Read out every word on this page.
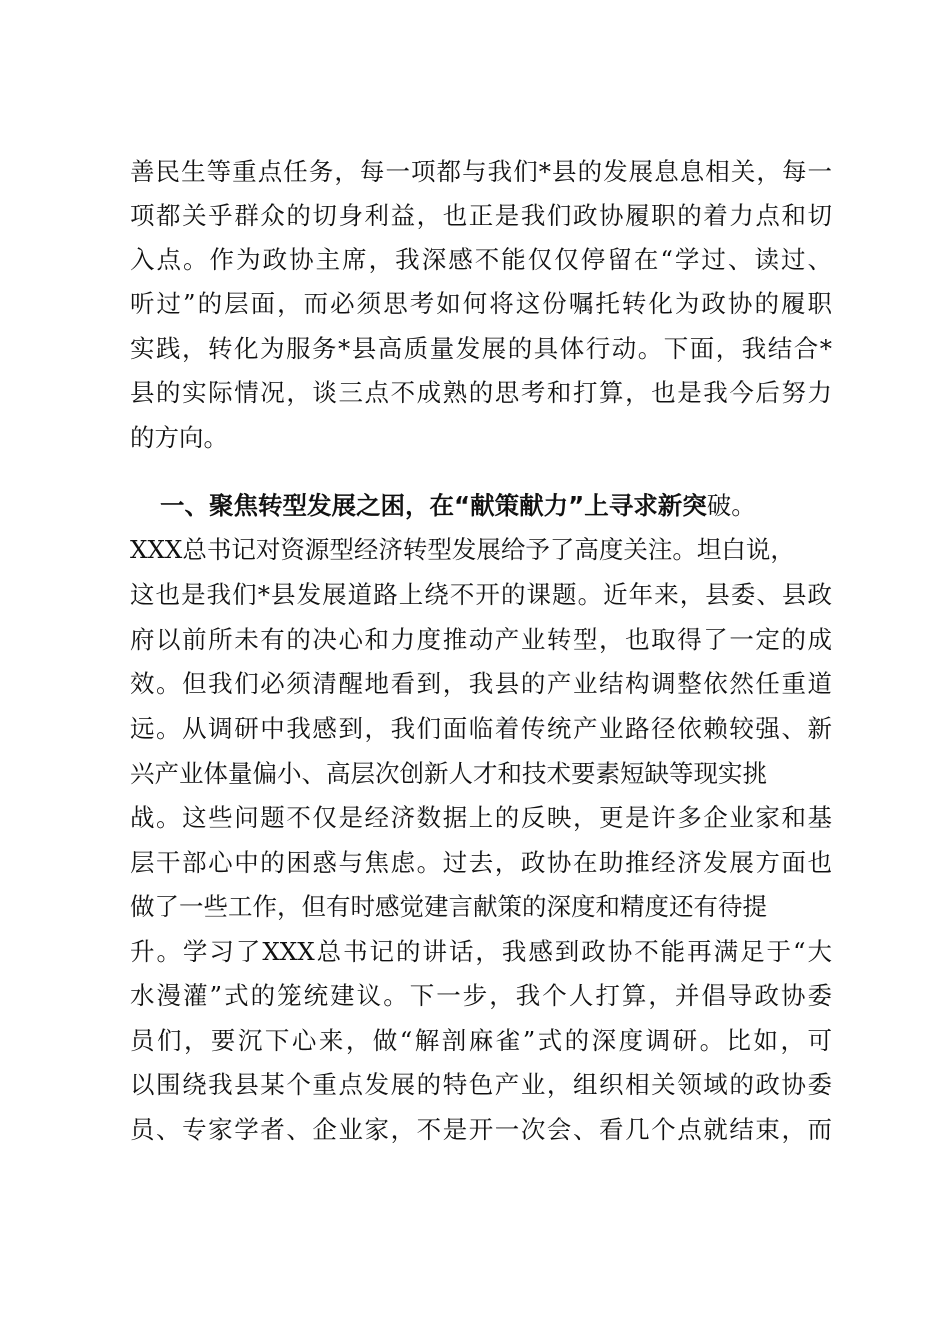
善民生等重点任务，每一项都与我们*县的发展息息相关，每一
项都关乎群众的切身利益，也正是我们政协履职的着力点和切
入点。作为政协主席，我深感不能仅仅停留在“学过、读过、
听过”的层面，而必须思考如何将这份嘱托转化为政协的履职
实践，转化为服务*县高质量发展的具体行动。下面，我结合*
县的实际情况，谈三点不成熟的思考和打算，也是我今后努力
的方向。
一、聚焦转型发展之困，在“献策献力”上寻求新突破。
XXX总书记对资源型经济转型发展给予了高度关注。坦白说，
这也是我们*县发展道路上绕不开的课题。近年来，县委、县政
府以前所未有的决心和力度推动产业转型，也取得了一定的成
效。但我们必须清醒地看到，我县的产业结构调整依然任重道
远。从调研中我感到，我们面临着传统产业路径依赖较强、新
兴产业体量偏小、高层次创新人才和技术要素短缺等现实挑
战。这些问题不仅是经济数据上的反映，更是许多企业家和基
层干部心中的困惑与焦虑。过去，政协在助推经济发展方面也
做了一些工作，但有时感觉建言献策的深度和精度还有待提
升。学习了XXX总书记的讲话，我感到政协不能再满足于“大
水漫灌”式的笼统建议。下一步，我个人打算，并倡导政协委
员们，要沉下心来，做“解剖麻雀”式的深度调研。比如，可
以围绕我县某个重点发展的特色产业，组织相关领域的政协委
员、专家学者、企业家，不是开一次会、看几个点就结束，而
